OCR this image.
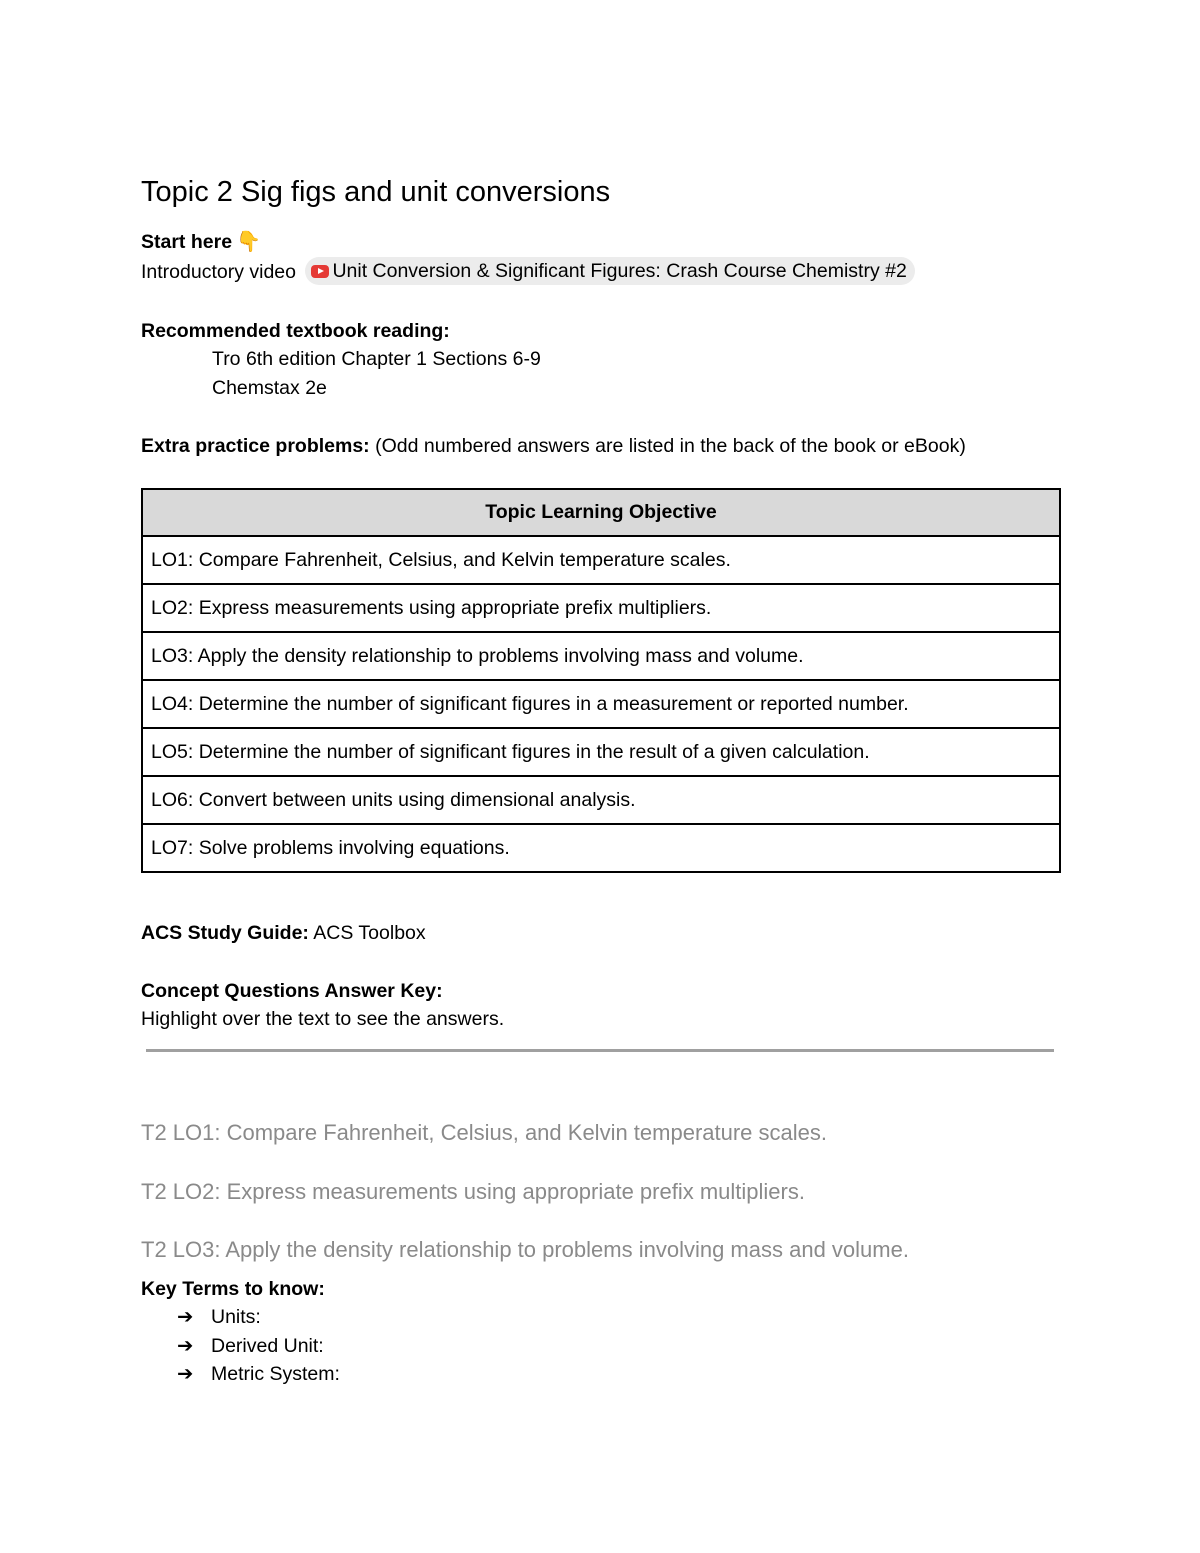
Topic 2 Sig figs and unit conversions
Start here 👇
Introductory video Unit Conversion & Significant Figures: Crash Course Chemistry #2
Recommended textbook reading:
Tro 6th edition Chapter 1 Sections 6-9
Chemstax 2e
Extra practice problems: (Odd numbered answers are listed in the back of the book or eBook)
Topic Learning Objective
LO1: Compare Fahrenheit, Celsius, and Kelvin temperature scales.
LO2: Express measurements using appropriate prefix multipliers.
LO3: Apply the density relationship to problems involving mass and volume.
LO4: Determine the number of significant figures in a measurement or reported number.
LO5: Determine the number of significant figures in the result of a given calculation.
LO6: Convert between units using dimensional analysis.
LO7: Solve problems involving equations.
ACS Study Guide: ACS Toolbox
Concept Questions Answer Key:
Highlight over the text to see the answers.
T2 LO1: Compare Fahrenheit, Celsius, and Kelvin temperature scales.
T2 LO2: Express measurements using appropriate prefix multipliers.
T2 LO3: Apply the density relationship to problems involving mass and volume.
Key Terms to know:
➔ Units:
➔ Derived Unit:
➔ Metric System:
